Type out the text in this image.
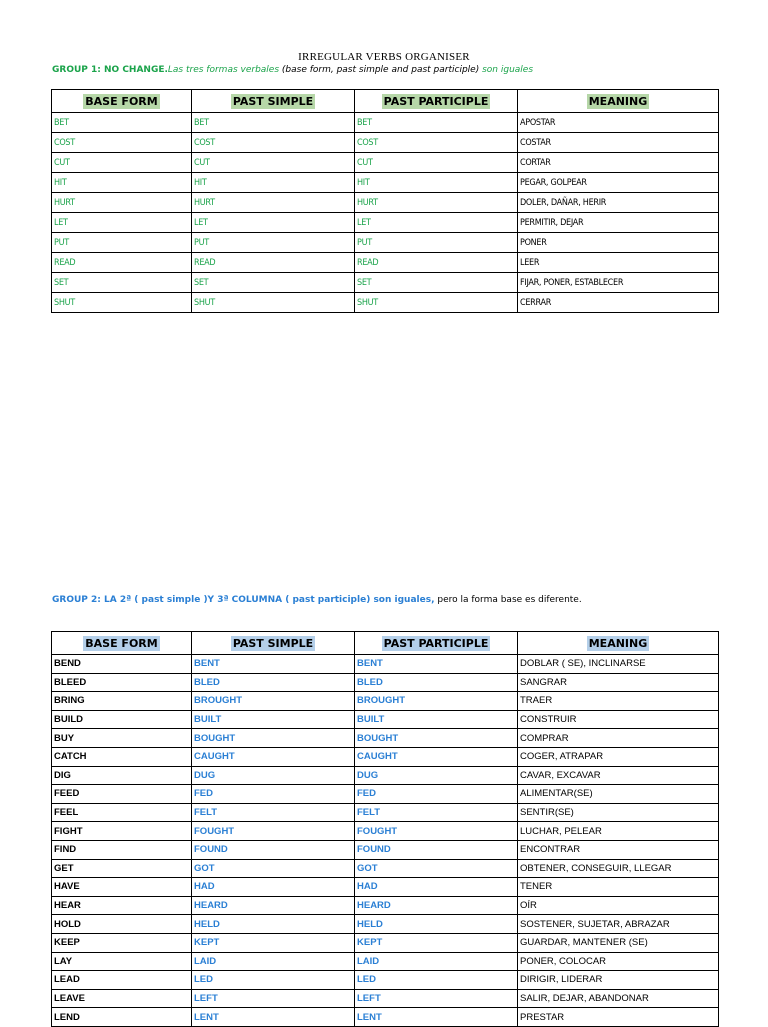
IRREGULAR VERBS ORGANISER
GROUP 1: NO CHANGE.Las tres formas verbales (base form, past simple and past participle) son iguales
BASE FORM	PAST SIMPLE	PAST PARTICIPLE	MEANING
BET	BET	BET	APOSTAR
COST	COST	COST	COSTAR
CUT	CUT	CUT	CORTAR
HIT	HIT	HIT	PEGAR, GOLPEAR
HURT	HURT	HURT	DOLER, DAÑAR, HERIR
LET	LET	LET	PERMITIR, DEJAR
PUT	PUT	PUT	PONER
READ	READ	READ	LEER
SET	SET	SET	FIJAR, PONER, ESTABLECER
SHUT	SHUT	SHUT	CERRAR
GROUP 2: LA 2ª ( past simple )Y 3ª COLUMNA ( past participle) son iguales, pero la forma base es diferente.
BASE FORM	PAST SIMPLE	PAST PARTICIPLE	MEANING
BEND	BENT	BENT	DOBLAR ( SE), INCLINARSE
BLEED	BLED	BLED	SANGRAR
BRING	BROUGHT	BROUGHT	TRAER
BUILD	BUILT	BUILT	CONSTRUIR
BUY	BOUGHT	BOUGHT	COMPRAR
CATCH	CAUGHT	CAUGHT	COGER, ATRAPAR
DIG	DUG	DUG	CAVAR, EXCAVAR
FEED	FED	FED	ALIMENTAR(SE)
FEEL	FELT	FELT	SENTIR(SE)
FIGHT	FOUGHT	FOUGHT	LUCHAR, PELEAR
FIND	FOUND	FOUND	ENCONTRAR
GET	GOT	GOT	OBTENER, CONSEGUIR, LLEGAR
HAVE	HAD	HAD	TENER
HEAR	HEARD	HEARD	OÍR
HOLD	HELD	HELD	SOSTENER, SUJETAR, ABRAZAR
KEEP	KEPT	KEPT	GUARDAR, MANTENER (SE)
LAY	LAID	LAID	PONER, COLOCAR
LEAD	LED	LED	DIRIGIR, LIDERAR
LEAVE	LEFT	LEFT	SALIR, DEJAR, ABANDONAR
LEND	LENT	LENT	PRESTAR
